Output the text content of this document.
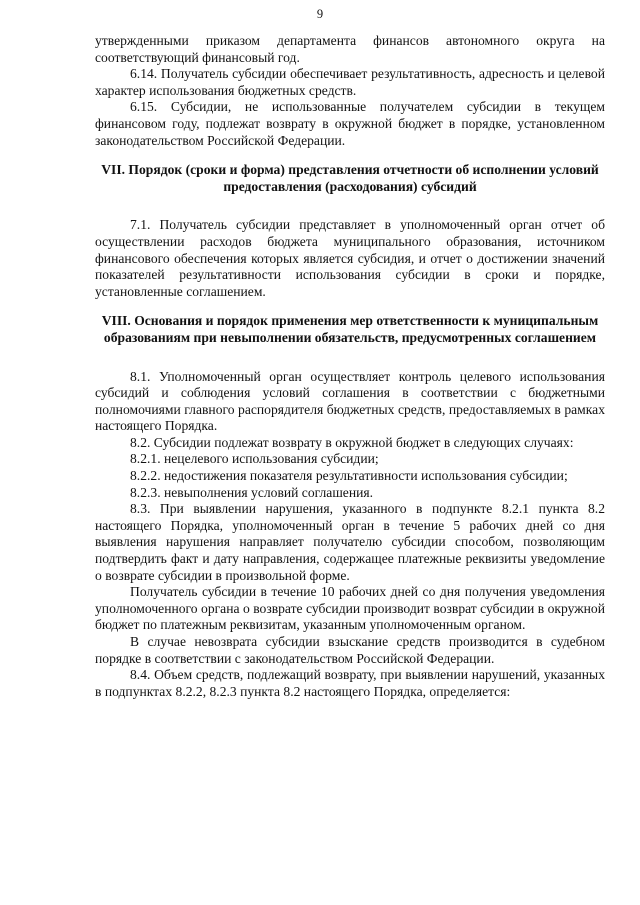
9

утвержденными приказом департамента финансов автономного округа на соответствующий финансовый год.

6.14. Получатель субсидии обеспечивает результативность, адресность и целевой характер использования бюджетных средств.

6.15. Субсидии, не использованные получателем субсидии в текущем финансовом году, подлежат возврату в окружной бюджет в порядке, установленном законодательством Российской Федерации.

VII. Порядок (сроки и форма) представления отчетности об исполнении условий предоставления (расходования) субсидий

7.1. Получатель субсидии представляет в уполномоченный орган отчет об осуществлении расходов бюджета муниципального образования, источником финансового обеспечения которых является субсидия, и отчет о достижении значений показателей результативности использования субсидии в сроки и порядке, установленные соглашением.

VIII. Основания и порядок применения мер ответственности к муниципальным образованиям при невыполнении обязательств, предусмотренных соглашением

8.1. Уполномоченный орган осуществляет контроль целевого использования субсидий и соблюдения условий соглашения в соответствии с бюджетными полномочиями главного распорядителя бюджетных средств, предоставляемых в рамках настоящего Порядка.

8.2. Субсидии подлежат возврату в окружной бюджет в следующих случаях:

8.2.1. нецелевого использования субсидии;

8.2.2. недостижения показателя результативности использования субсидии;

8.2.3. невыполнения условий соглашения.

8.3. При выявлении нарушения, указанного в подпункте 8.2.1 пункта 8.2 настоящего Порядка, уполномоченный орган в течение 5 рабочих дней со дня выявления нарушения направляет получателю субсидии способом, позволяющим подтвердить факт и дату направления, содержащее платежные реквизиты уведомление о возврате субсидии в произвольной форме.

Получатель субсидии в течение 10 рабочих дней со дня получения уведомления уполномоченного органа о возврате субсидии производит возврат субсидии в окружной бюджет по платежным реквизитам, указанным уполномоченным органом.

В случае невозврата субсидии взыскание средств производится в судебном порядке в соответствии с законодательством Российской Федерации.

8.4. Объем средств, подлежащий возврату, при выявлении нарушений, указанных в подпунктах 8.2.2, 8.2.3 пункта 8.2 настоящего Порядка, определяется:
